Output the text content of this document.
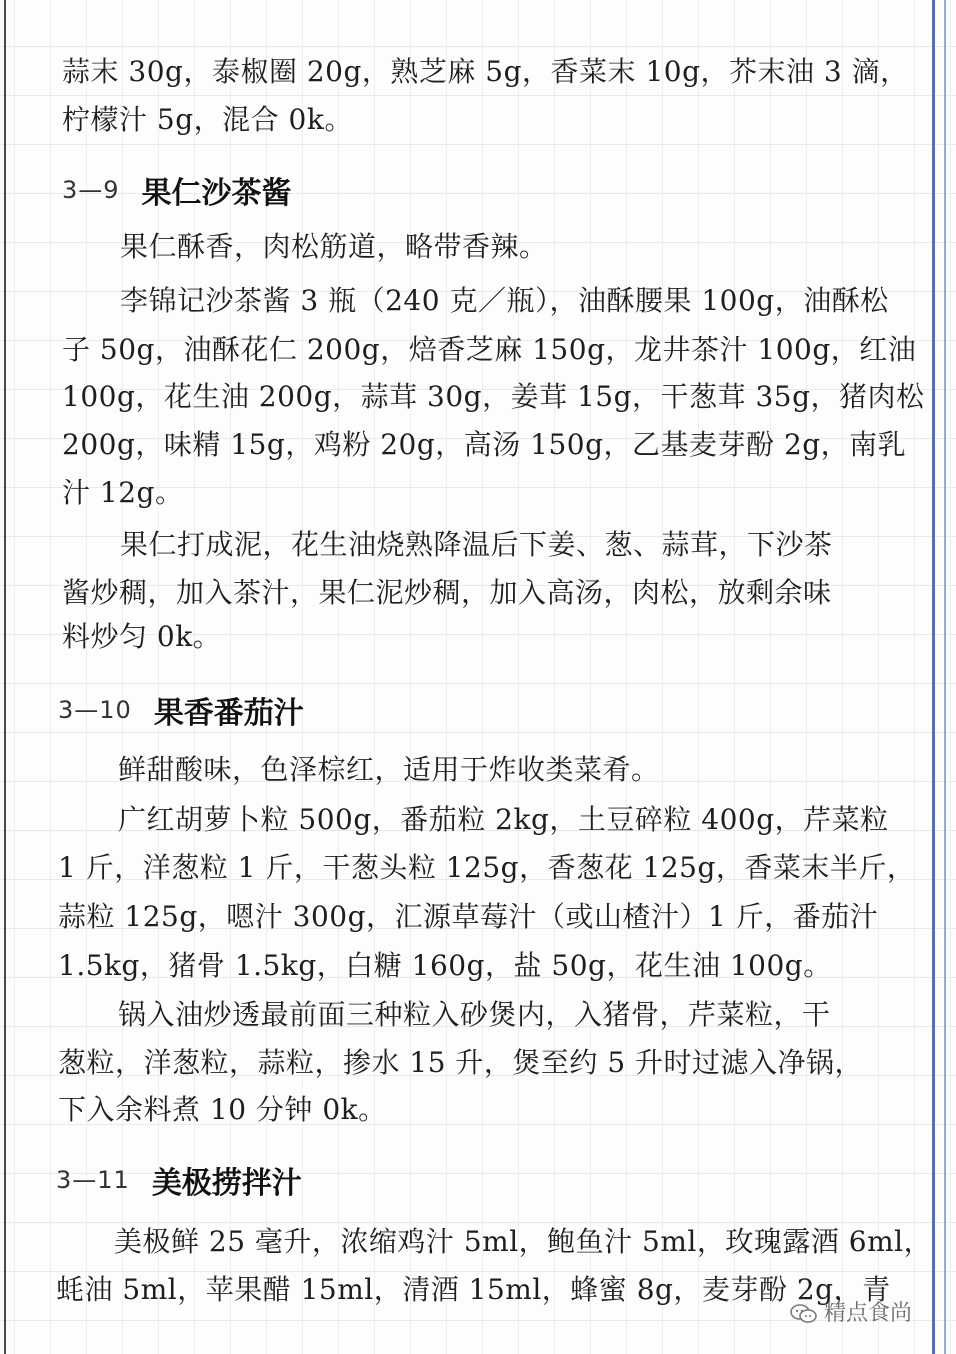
蒜末 30g，泰椒圈 20g，熟芝麻 5g，香菜末 10g，芥末油 3 滴，
柠檬汁 5g，混合 0k。
3—9 果仁沙茶酱
果仁酥香，肉松筋道，略带香辣。
李锦记沙茶酱 3 瓶（240 克／瓶），油酥腰果 100g，油酥松
子 50g，油酥花仁 200g，焙香芝麻 150g，龙井茶汁 100g，红油
100g，花生油 200g，蒜茸 30g，姜茸 15g，干葱茸 35g，猪肉松
200g，味精 15g，鸡粉 20g，高汤 150g，乙基麦芽酚 2g，南乳
汁 12g。
果仁打成泥，花生油烧熟降温后下姜、葱、蒜茸，下沙茶
酱炒稠，加入茶汁，果仁泥炒稠，加入高汤，肉松，放剩余味
料炒匀 0k。
3—10 果香番茄汁
鲜甜酸味，色泽棕红，适用于炸收类菜肴。
广红胡萝卜粒 500g，番茄粒 2kg，土豆碎粒 400g，芹菜粒
1 斤，洋葱粒 1 斤，干葱头粒 125g，香葱花 125g，香菜末半斤，
蒜粒 125g，嗯汁 300g，汇源草莓汁（或山楂汁）1 斤，番茄汁
1.5kg，猪骨 1.5kg，白糖 160g，盐 50g，花生油 100g。
锅入油炒透最前面三种粒入砂煲内，入猪骨，芹菜粒，干
葱粒，洋葱粒，蒜粒，掺水 15 升，煲至约 5 升时过滤入净锅，
下入余料煮 10 分钟 0k。
3—11 美极捞拌汁
美极鲜 25 毫升，浓缩鸡汁 5ml，鲍鱼汁 5ml，玫瑰露酒 6ml，
蚝油 5ml，苹果醋 15ml，清酒 15ml，蜂蜜 8g，麦芽酚 2g，青
精点食尚
